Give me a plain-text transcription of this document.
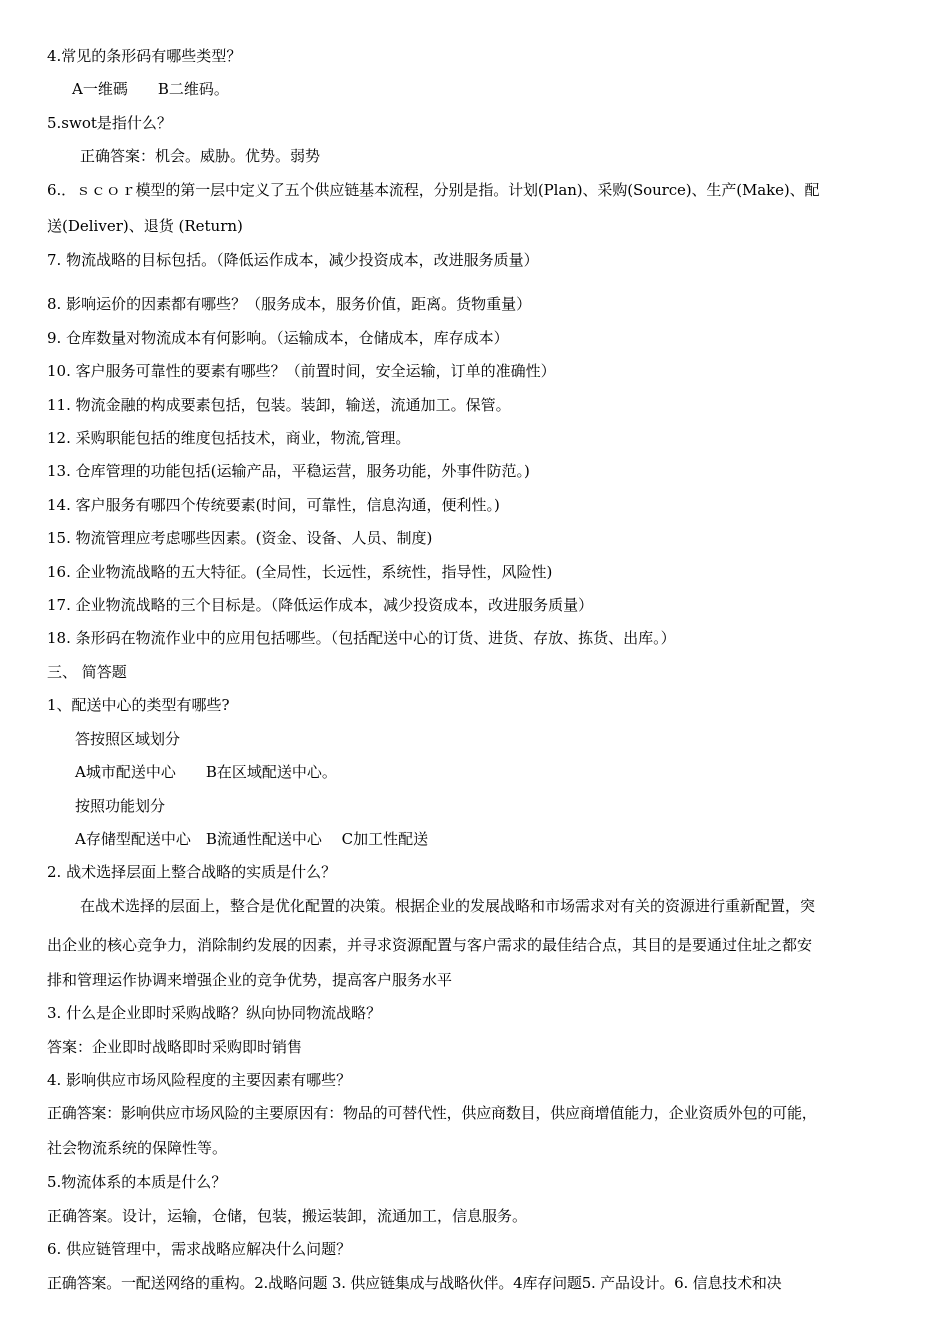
4.常见的条形码有哪些类型？
A一维碼　　B二维码。
5.swot是指什么？
正确答案：机会。威胁。优势。弱势
6.．ｓｃｏｒ模型的第一层中定义了五个供应链基本流程，分别是指。计划(Plan)、采购(Source)、生产(Make)、配
送(Deliver)、退货 (Return)
7. 物流战略的目标包括。（降低运作成本，减少投资成本，改进服务质量）
8. 影响运价的因素都有哪些？（服务成本，服务价值，距离。货物重量）
9. 仓库数量对物流成本有何影响。（运输成本，仓储成本，库存成本）
10. 客户服务可靠性的要素有哪些？（前置时间，安全运输，订单的准确性）
11. 物流金融的构成要素包括，包装。装卸，输送，流通加工。保管。
12. 采购职能包括的维度包括技术，商业，物流,管理。
13. 仓库管理的功能包括(运输产品，平稳运营，服务功能，外事件防范。)
14. 客户服务有哪四个传统要素(时间，可靠性，信息沟通，便利性。)
15. 物流管理应考虑哪些因素。(资金、设备、人员、制度)
16. 企业物流战略的五大特征。(全局性，长远性，系统性，指导性，风险性)
17. 企业物流战略的三个目标是。（降低运作成本，减少投资成本，改进服务质量）
18. 条形码在物流作业中的应用包括哪些。（包括配送中心的订货、进货、存放、拣货、出库。）
三、 简答题
1、配送中心的类型有哪些?
答按照区域划分
A城市配送中心　　B在区域配送中心。
按照功能划分
A存储型配送中心　B流通性配送中心　 C加工性配送
2. 战术选择层面上整合战略的实质是什么？
在战术选择的层面上，整合是优化配置的决策。根据企业的发展战略和市场需求对有关的资源进行重新配置，突
出企业的核心竞争力，消除制约发展的因素，并寻求资源配置与客户需求的最佳结合点，其目的是要通过住址之都安
排和管理运作协调来增强企业的竞争优势，提高客户服务水平
3. 什么是企业即时采购战略？纵向协同物流战略？
答案：企业即时战略即时采购即时销售
4. 影响供应市场风险程度的主要因素有哪些？
正确答案：影响供应市场风险的主要原因有：物品的可替代性，供应商数目，供应商增值能力，企业资质外包的可能，
社会物流系统的保障性等。
5.物流体系的本质是什么？
正确答案。设计，运输，仓储，包装，搬运装卸，流通加工，信息服务。
6. 供应链管理中，需求战略应解决什么问题？
正确答案。一配送网络的重构。2.战略问题 3. 供应链集成与战略伙伴。4库存问题5. 产品设计。6. 信息技术和决
